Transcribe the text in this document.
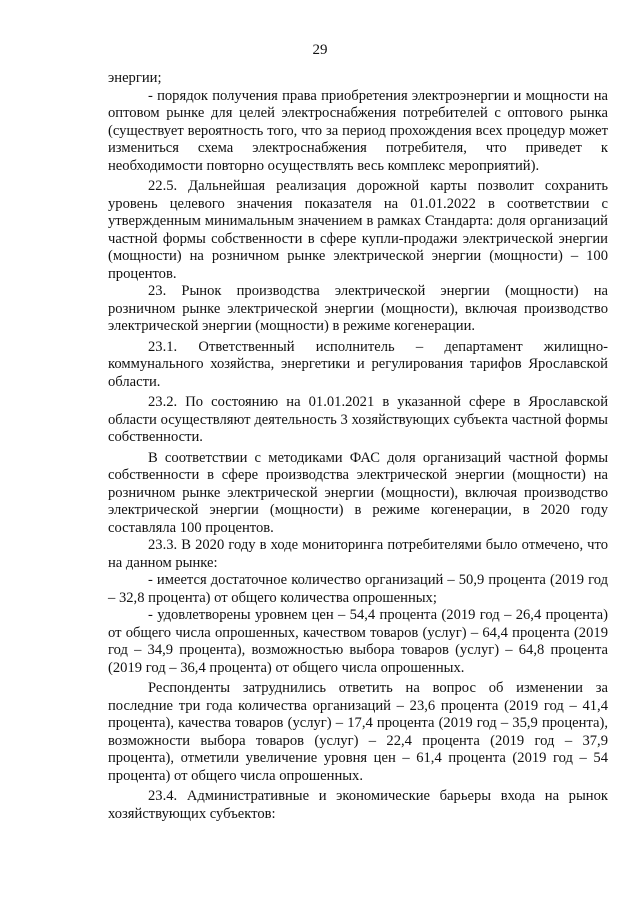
29

энергии;

- порядок получения права приобретения электроэнергии и мощности на оптовом рынке для целей электроснабжения потребителей с оптового рынка (существует вероятность того, что за период прохождения всех процедур может измениться схема электроснабжения потребителя, что приведет к необходимости повторно осуществлять весь комплекс мероприятий).

22.5. Дальнейшая реализация дорожной карты позволит сохранить уровень целевого значения показателя на 01.01.2022 в соответствии с утвержденным минимальным значением в рамках Стандарта: доля организаций частной формы собственности в сфере купли-продажи электрической энергии (мощности) на розничном рынке электрической энергии (мощности) – 100 процентов.

23. Рынок производства электрической энергии (мощности) на розничном рынке электрической энергии (мощности), включая производство электрической энергии (мощности) в режиме когенерации.

23.1. Ответственный исполнитель – департамент жилищно-коммунального хозяйства, энергетики и регулирования тарифов Ярославской области.

23.2. По состоянию на 01.01.2021 в указанной сфере в Ярославской области осуществляют деятельность 3 хозяйствующих субъекта частной формы собственности.

В соответствии с методиками ФАС доля организаций частной формы собственности в сфере производства электрической энергии (мощности) на розничном рынке электрической энергии (мощности), включая производство электрической энергии (мощности) в режиме когенерации, в 2020 году составляла 100 процентов.

23.3. В 2020 году в ходе мониторинга потребителями было отмечено, что на данном рынке:

- имеется достаточное количество организаций – 50,9 процента (2019 год – 32,8 процента) от общего количества опрошенных;

- удовлетворены уровнем цен – 54,4 процента (2019 год – 26,4 процента) от общего числа опрошенных, качеством товаров (услуг) – 64,4 процента (2019 год – 34,9 процента), возможностью выбора товаров (услуг) – 64,8 процента (2019 год – 36,4 процента) от общего числа опрошенных.

Респонденты затруднились ответить на вопрос об изменении за последние три года количества организаций – 23,6 процента (2019 год – 41,4 процента), качества товаров (услуг) – 17,4 процента (2019 год – 35,9 процента), возможности выбора товаров (услуг) – 22,4 процента (2019 год – 37,9 процента), отметили увеличение уровня цен – 61,4 процента (2019 год – 54 процента) от общего числа опрошенных.

23.4. Административные и экономические барьеры входа на рынок хозяйствующих субъектов:
